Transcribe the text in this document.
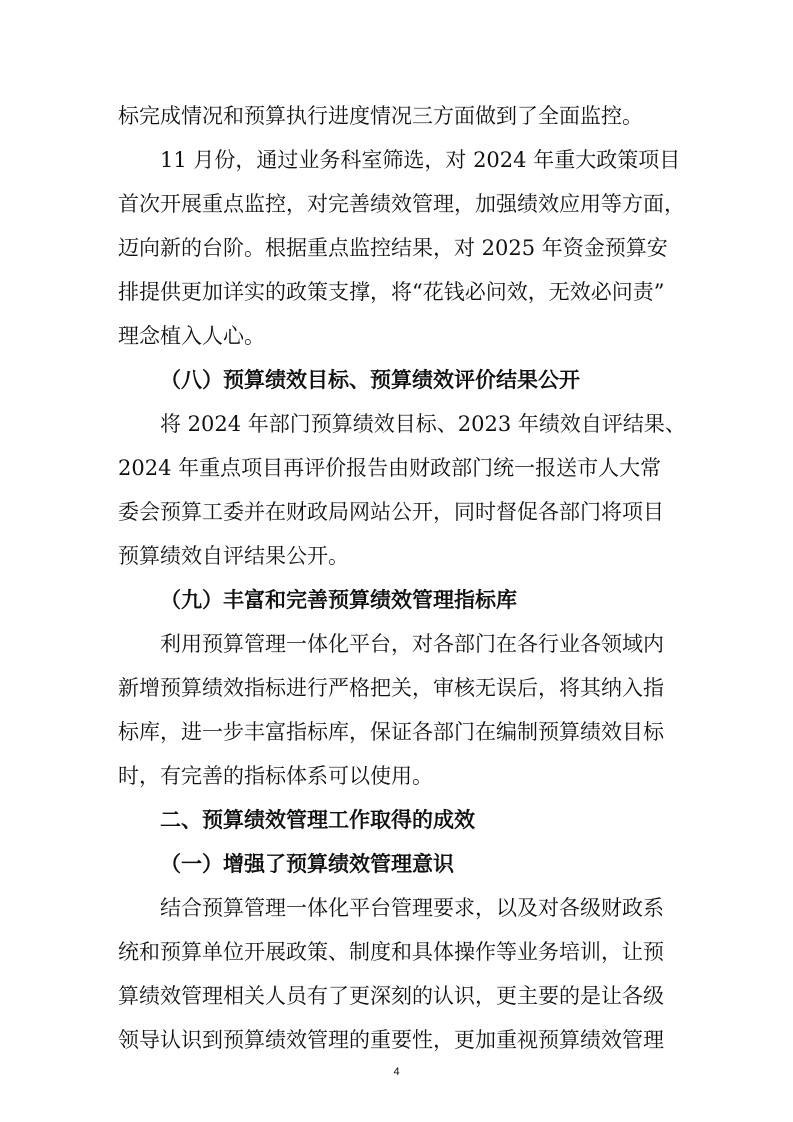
标完成情况和预算执行进度情况三方面做到了全面监控。
11 月份，通过业务科室筛选，对 2024 年重大政策项目
首次开展重点监控，对完善绩效管理，加强绩效应用等方面，
迈向新的台阶。根据重点监控结果，对 2025 年资金预算安
排提供更加详实的政策支撑，将“花钱必问效，无效必问责”
理念植入人心。
（八）预算绩效目标、预算绩效评价结果公开
将 2024 年部门预算绩效目标、2023 年绩效自评结果、
2024 年重点项目再评价报告由财政部门统一报送市人大常
委会预算工委并在财政局网站公开，同时督促各部门将项目
预算绩效自评结果公开。
（九）丰富和完善预算绩效管理指标库
利用预算管理一体化平台，对各部门在各行业各领域内
新增预算绩效指标进行严格把关，审核无误后，将其纳入指
标库，进一步丰富指标库，保证各部门在编制预算绩效目标
时，有完善的指标体系可以使用。
二、预算绩效管理工作取得的成效
（一）增强了预算绩效管理意识
结合预算管理一体化平台管理要求，以及对各级财政系
统和预算单位开展政策、制度和具体操作等业务培训，让预
算绩效管理相关人员有了更深刻的认识，更主要的是让各级
领导认识到预算绩效管理的重要性，更加重视预算绩效管理
4
